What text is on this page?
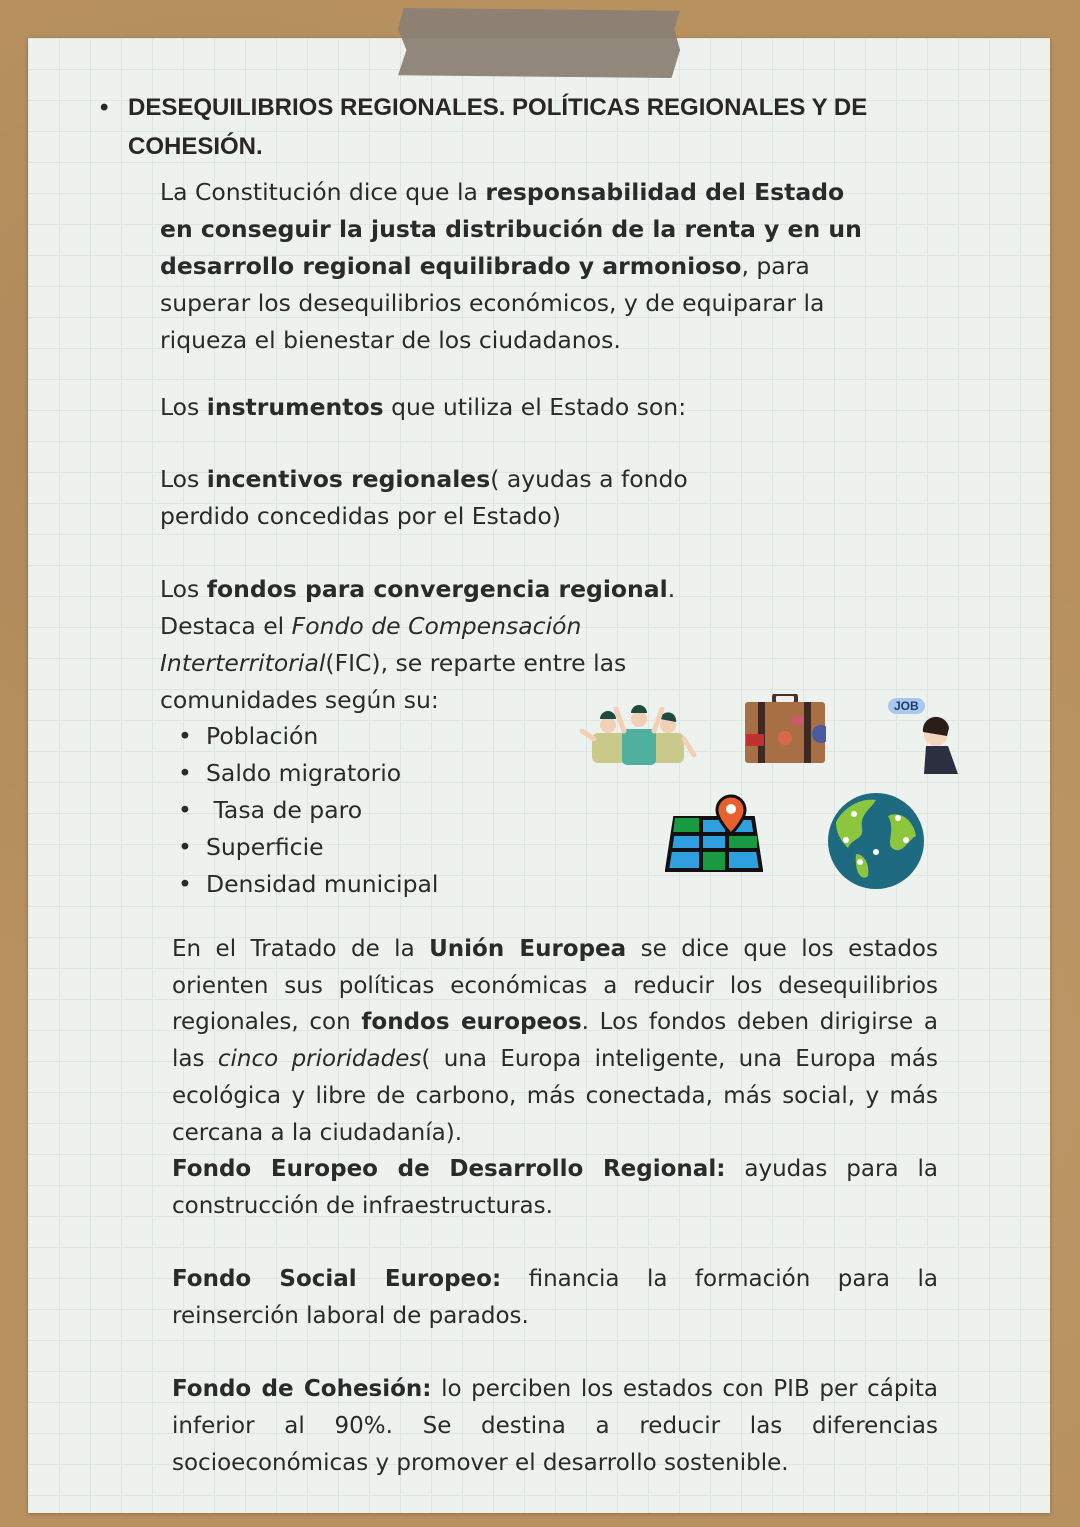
• DESEQUILIBRIOS REGIONALES. POLÍTICAS REGIONALES Y DE
COHESIÓN.
La Constitución dice que la responsabilidad del Estado
en conseguir la justa distribución de la renta y en un
desarrollo regional equilibrado y armonioso, para
superar los desequilibrios económicos, y de equiparar la
riqueza el bienestar de los ciudadanos.
Los instrumentos que utiliza el Estado son:
Los incentivos regionales( ayudas a fondo
perdido concedidas por el Estado)
Los fondos para convergencia regional.
Destaca el Fondo de Compensación
Interterritorial(FIC), se reparte entre las
comunidades según su:
• Población
• Saldo migratorio
• Tasa de paro
• Superficie
• Densidad municipal
JOB
En el Tratado de la Unión Europea se dice que los estados
orienten sus políticas económicas a reducir los desequilibrios
regionales, con fondos europeos. Los fondos deben dirigirse a
las cinco prioridades( una Europa inteligente, una Europa más
ecológica y libre de carbono, más conectada, más social, y más
cercana a la ciudadanía).
Fondo Europeo de Desarrollo Regional: ayudas para la
construcción de infraestructuras.
Fondo Social Europeo: financia la formación para la
reinserción laboral de parados.
Fondo de Cohesión: lo perciben los estados con PIB per cápita
inferior al 90%. Se destina a reducir las diferencias
socioeconómicas y promover el desarrollo sostenible.
